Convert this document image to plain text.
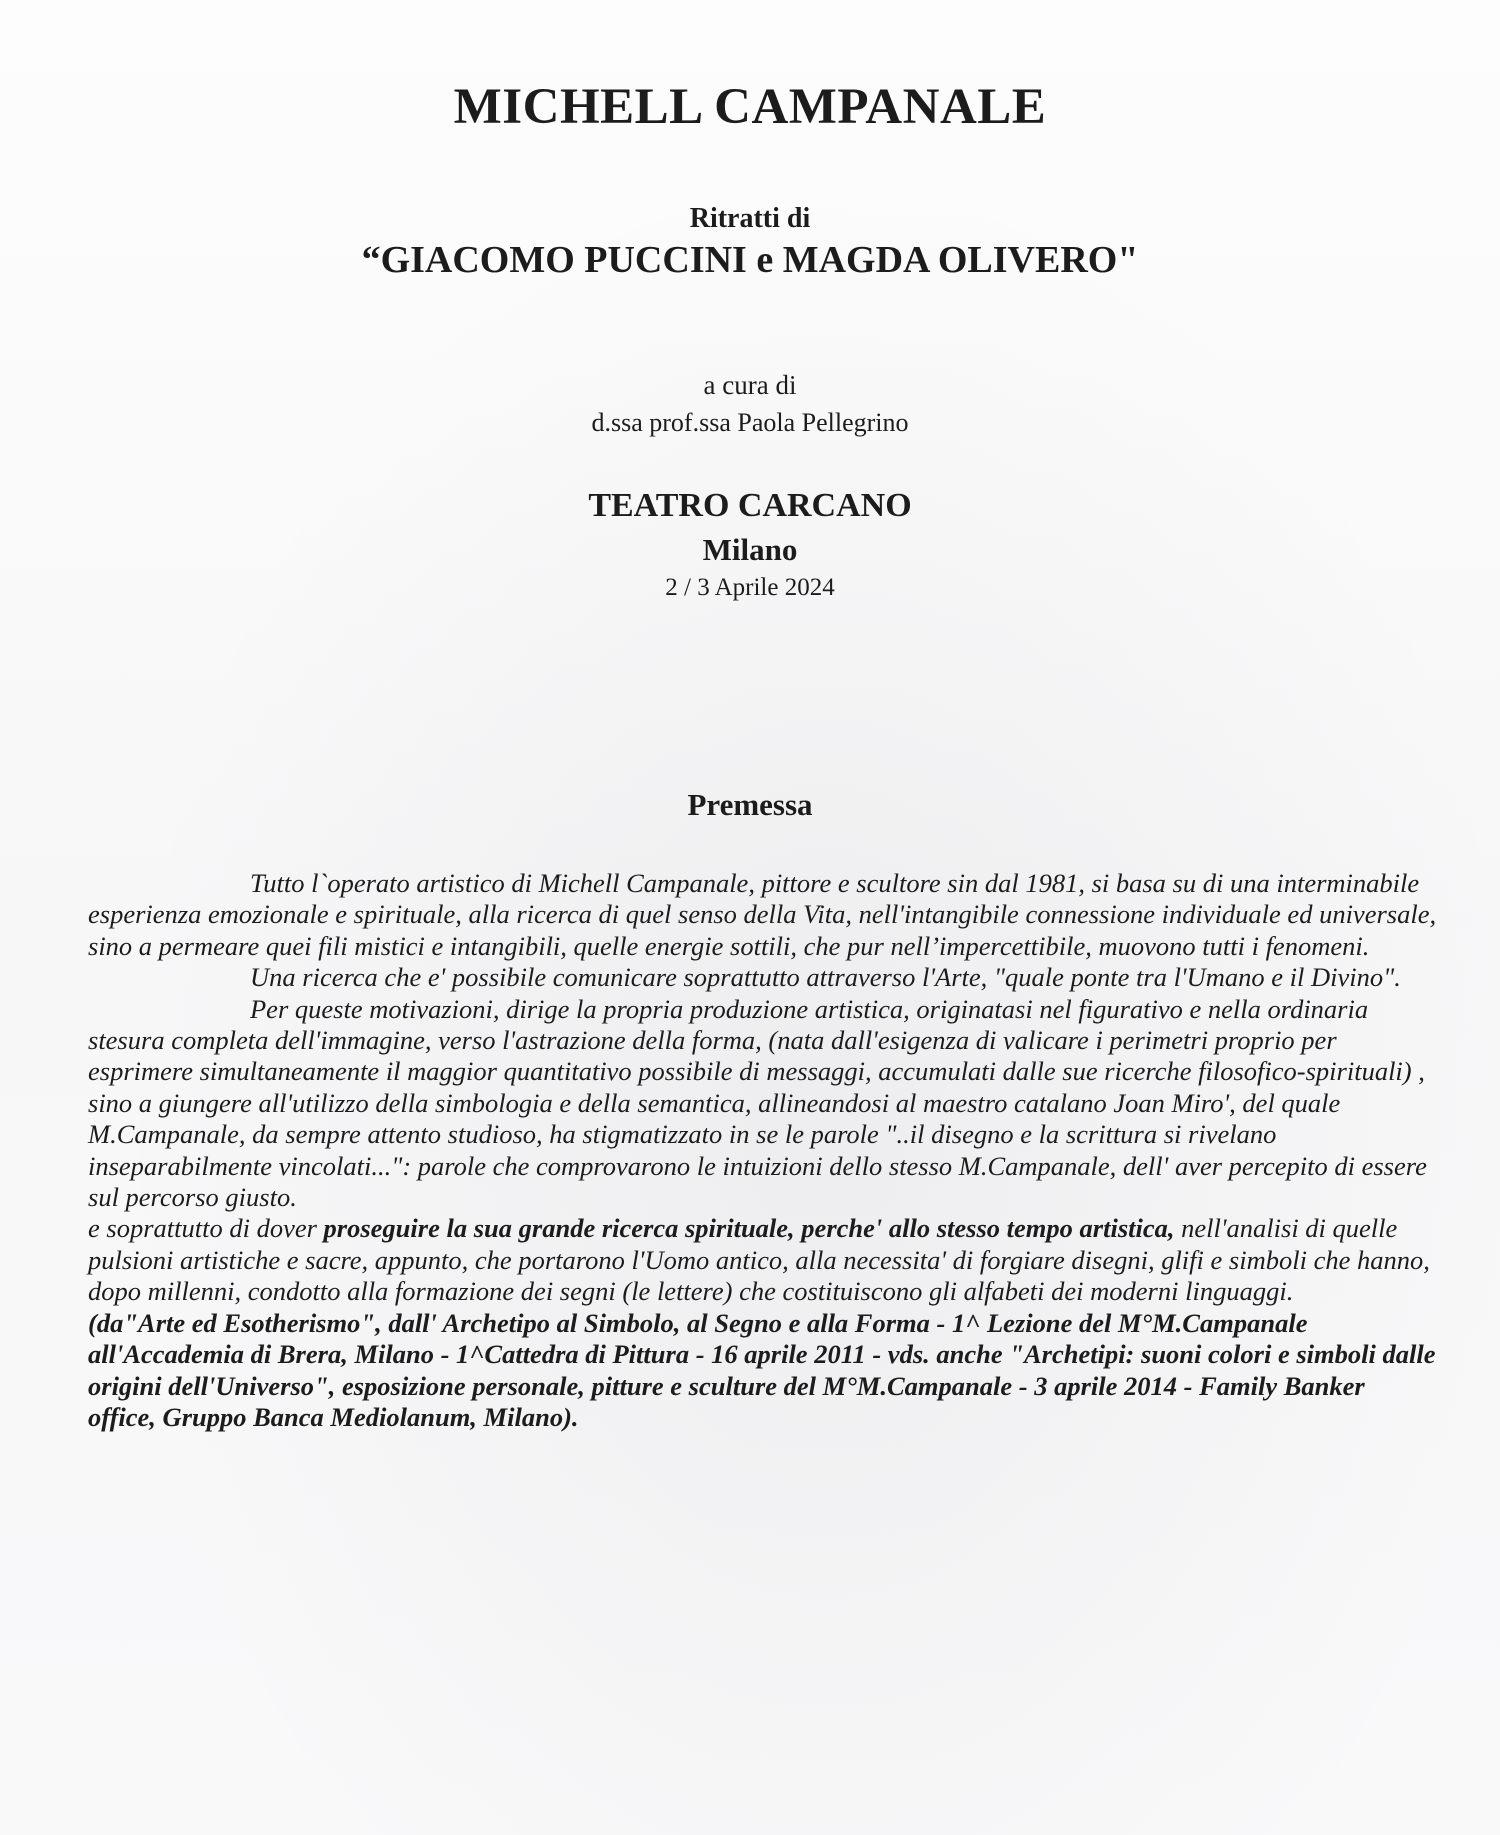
MICHELL CAMPANALE
Ritratti di
“GIACOMO PUCCINI e MAGDA OLIVERO"
a cura di
d.ssa prof.ssa Paola Pellegrino
TEATRO CARCANO
Milano
2 / 3 Aprile 2024
Premessa

Tutto l`operato artistico di Michell Campanale, pittore e scultore sin dal 1981, si basa su di una interminabile esperienza emozionale e spirituale, alla ricerca di quel senso della Vita, nell'intangibile connessione individuale ed universale, sino a permeare quei fili mistici e intangibili, quelle energie sottili, che pur nell’impercettibile, muovono tutti i fenomeni.

Una ricerca che e' possibile comunicare soprattutto attraverso l'Arte, "quale ponte tra l'Umano e il Divino".

Per queste motivazioni, dirige la propria produzione artistica, originatasi nel figurativo e nella ordinaria stesura completa dell'immagine, verso l'astrazione della forma, (nata dall'esigenza di valicare i perimetri proprio per esprimere simultaneamente il maggior quantitativo possibile di messaggi, accumulati dalle sue ricerche filosofico-spirituali) , sino a giungere all'utilizzo della simbologia e della semantica, allineandosi al maestro catalano Joan Miro', del quale M.Campanale, da sempre attento studioso, ha stigmatizzato in se le parole "..il disegno e la scrittura si rivelano inseparabilmente vincolati...": parole che comprovarono le intuizioni dello stesso M.Campanale, dell' aver percepito di essere sul percorso giusto.

e soprattutto di dover proseguire la sua grande ricerca spirituale, perche' allo stesso tempo artistica, nell'analisi di quelle pulsioni artistiche e sacre, appunto, che portarono l'Uomo antico, alla necessita' di forgiare disegni, glifi e simboli che hanno, dopo millenni, condotto alla formazione dei segni (le lettere) che costituiscono gli alfabeti dei moderni linguaggi.

(da"Arte ed Esotherismo", dall' Archetipo al Simbolo, al Segno e alla Forma - 1^ Lezione del M°M.Campanale all'Accademia di Brera, Milano - 1^Cattedra di Pittura - 16 aprile 2011 - vds. anche "Archetipi: suoni colori e simboli dalle origini dell'Universo", esposizione personale, pitture e sculture del M°M.Campanale - 3 aprile 2014 - Family Banker office, Gruppo Banca Mediolanum, Milano).
